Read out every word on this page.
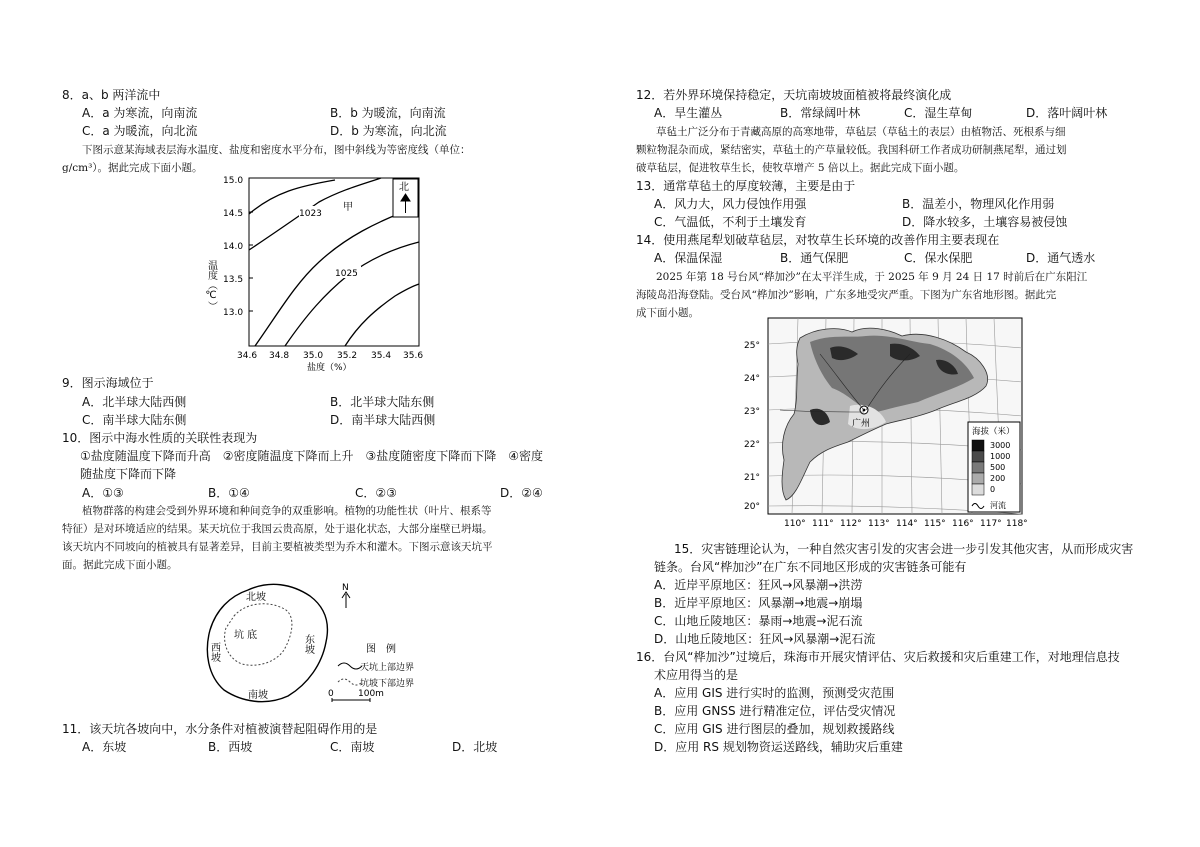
8．a、b 两洋流中
A．a 为寒流，向南流	B．b 为暖流，向南流
C．a 为暖流，向北流	D．b 为寒流，向北流
下图示意某海域表层海水温度、盐度和密度水平分布，图中斜线为等密度线（单位：
g/cm³）。据此完成下面小题。
温度（℃）
15.0
14.5
14.0
13.5
13.0
34.6 34.8 35.0 35.2 35.4 35.6
盐度（%）
1023
1025
甲
北
9．图示海域位于
A．北半球大陆西侧	B．北半球大陆东侧
C．南半球大陆东侧	D．南半球大陆西侧
10．图示中海水性质的关联性表现为
①盐度随温度下降而升高　②密度随温度下降而上升　③盐度随密度下降而下降　④密度
随盐度下降而下降
A．①③	B．①④	C．②③	D．②④
植物群落的构建会受到外界环境和种间竞争的双重影响。植物的功能性状（叶片、根系等
特征）是对环境适应的结果。某天坑位于我国云贵高原，处于退化状态，大部分崖壁已坍塌。
该天坑内不同坡向的植被具有显著差异，目前主要植被类型为乔木和灌木。下图示意该天坑平
面。据此完成下面小题。
北坡
坑 底	东坡
西坡
南坡
N
图　例
天坑上部边界
坑坡下部边界
0	100m
11．该天坑各坡向中，水分条件对植被演替起阻碍作用的是
A．东坡	B．西坡	C．南坡	D．北坡
12．若外界环境保持稳定，天坑南坡坡面植被将最终演化成
A．旱生灌丛	B．常绿阔叶林	C．湿生草甸	D．落叶阔叶林
草毡土广泛分布于青藏高原的高寒地带，草毡层（草毡土的表层）由植物活、死根系与细
颗粒物混杂而成，紧结密实，草毡土的产草量较低。我国科研工作者成功研制燕尾犁，通过划
破草毡层，促进牧草生长，使牧草增产 5 倍以上。据此完成下面小题。
13．通常草毡土的厚度较薄，主要是由于
A．风力大，风力侵蚀作用强	B．温差小，物理风化作用弱
C．气温低，不利于土壤发育	D．降水较多，土壤容易被侵蚀
14．使用燕尾犁划破草毡层，对牧草生长环境的改善作用主要表现在
A．保温保湿	B．通气保肥	C．保水保肥	D．通气透水
2025 年第 18 号台风“桦加沙”在太平洋生成，于 2025 年 9 月 24 日 17 时前后在广东阳江
海陵岛沿海登陆。受台风“桦加沙”影响，广东多地受灾严重。下图为广东省地形图。据此完
成下面小题。
广州
25°
24°
23°
22°
21°
20°
110° 111° 112° 113° 114° 115° 116° 117° 118°
海拔（米）
3000
1000
500
200
0
河流
15．灾害链理论认为，一种自然灾害引发的灾害会进一步引发其他灾害，从而形成灾害
链条。台风“桦加沙”在广东不同地区形成的灾害链条可能有
A．近岸平原地区：狂风→风暴潮→洪涝
B．近岸平原地区：风暴潮→地震→崩塌
C．山地丘陵地区：暴雨→地震→泥石流
D．山地丘陵地区：狂风→风暴潮→泥石流
16．台风“桦加沙”过境后，珠海市开展灾情评估、灾后救援和灾后重建工作，对地理信息技
术应用得当的是
A．应用 GIS 进行实时的监测，预测受灾范围
B．应用 GNSS 进行精准定位，评估受灾情况
C．应用 GIS 进行图层的叠加，规划救援路线
D．应用 RS 规划物资运送路线，辅助灾后重建
